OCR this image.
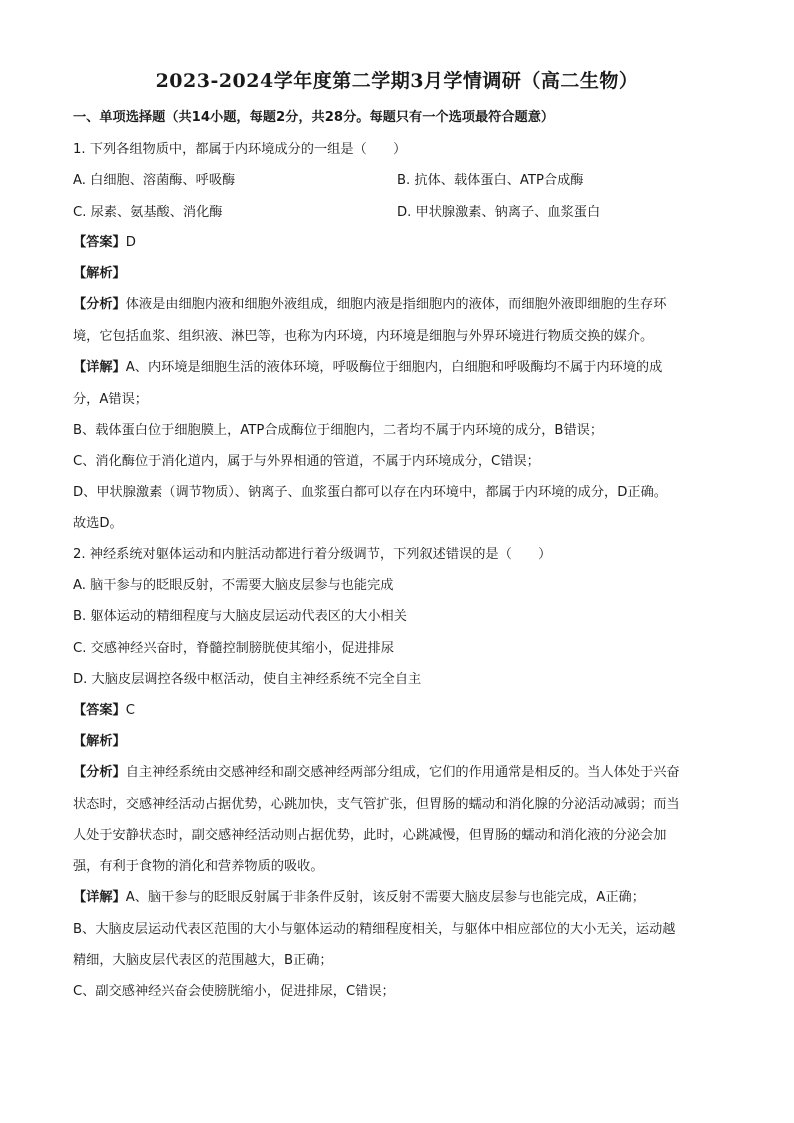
2023-2024学年度第二学期3月学情调研（高二生物）
一、单项选择题（共14小题，每题2分，共28分。每题只有一个选项最符合题意）
1. 下列各组物质中，都属于内环境成分的一组是（　　）
A. 白细胞、溶菌酶、呼吸酶	B. 抗体、载体蛋白、ATP合成酶
C. 尿素、氨基酸、消化酶	D. 甲状腺激素、钠离子、血浆蛋白
【答案】D
【解析】
【分析】体液是由细胞内液和细胞外液组成，细胞内液是指细胞内的液体，而细胞外液即细胞的生存环
境，它包括血浆、组织液、淋巴等，也称为内环境，内环境是细胞与外界环境进行物质交换的媒介。
【详解】A、内环境是细胞生活的液体环境，呼吸酶位于细胞内，白细胞和呼吸酶均不属于内环境的成
分，A错误；
B、载体蛋白位于细胞膜上，ATP合成酶位于细胞内，二者均不属于内环境的成分，B错误；
C、消化酶位于消化道内，属于与外界相通的管道，不属于内环境成分，C错误；
D、甲状腺激素（调节物质）、钠离子、血浆蛋白都可以存在内环境中，都属于内环境的成分，D正确。
故选D。
2. 神经系统对躯体运动和内脏活动都进行着分级调节，下列叙述错误的是（　　）
A. 脑干参与的眨眼反射，不需要大脑皮层参与也能完成
B. 躯体运动的精细程度与大脑皮层运动代表区的大小相关
C. 交感神经兴奋时，脊髓控制膀胱使其缩小，促进排尿
D. 大脑皮层调控各级中枢活动，使自主神经系统不完全自主
【答案】C
【解析】
【分析】自主神经系统由交感神经和副交感神经两部分组成，它们的作用通常是相反的。当人体处于兴奋
状态时，交感神经活动占据优势，心跳加快，支气管扩张，但胃肠的蠕动和消化腺的分泌活动减弱；而当
人处于安静状态时，副交感神经活动则占据优势，此时，心跳减慢，但胃肠的蠕动和消化液的分泌会加
强，有利于食物的消化和营养物质的吸收。
【详解】A、脑干参与的眨眼反射属于非条件反射，该反射不需要大脑皮层参与也能完成，A正确；
B、大脑皮层运动代表区范围的大小与躯体运动的精细程度相关，与躯体中相应部位的大小无关，运动越
精细，大脑皮层代表区的范围越大，B正确；
C、副交感神经兴奋会使膀胱缩小，促进排尿，C错误；
